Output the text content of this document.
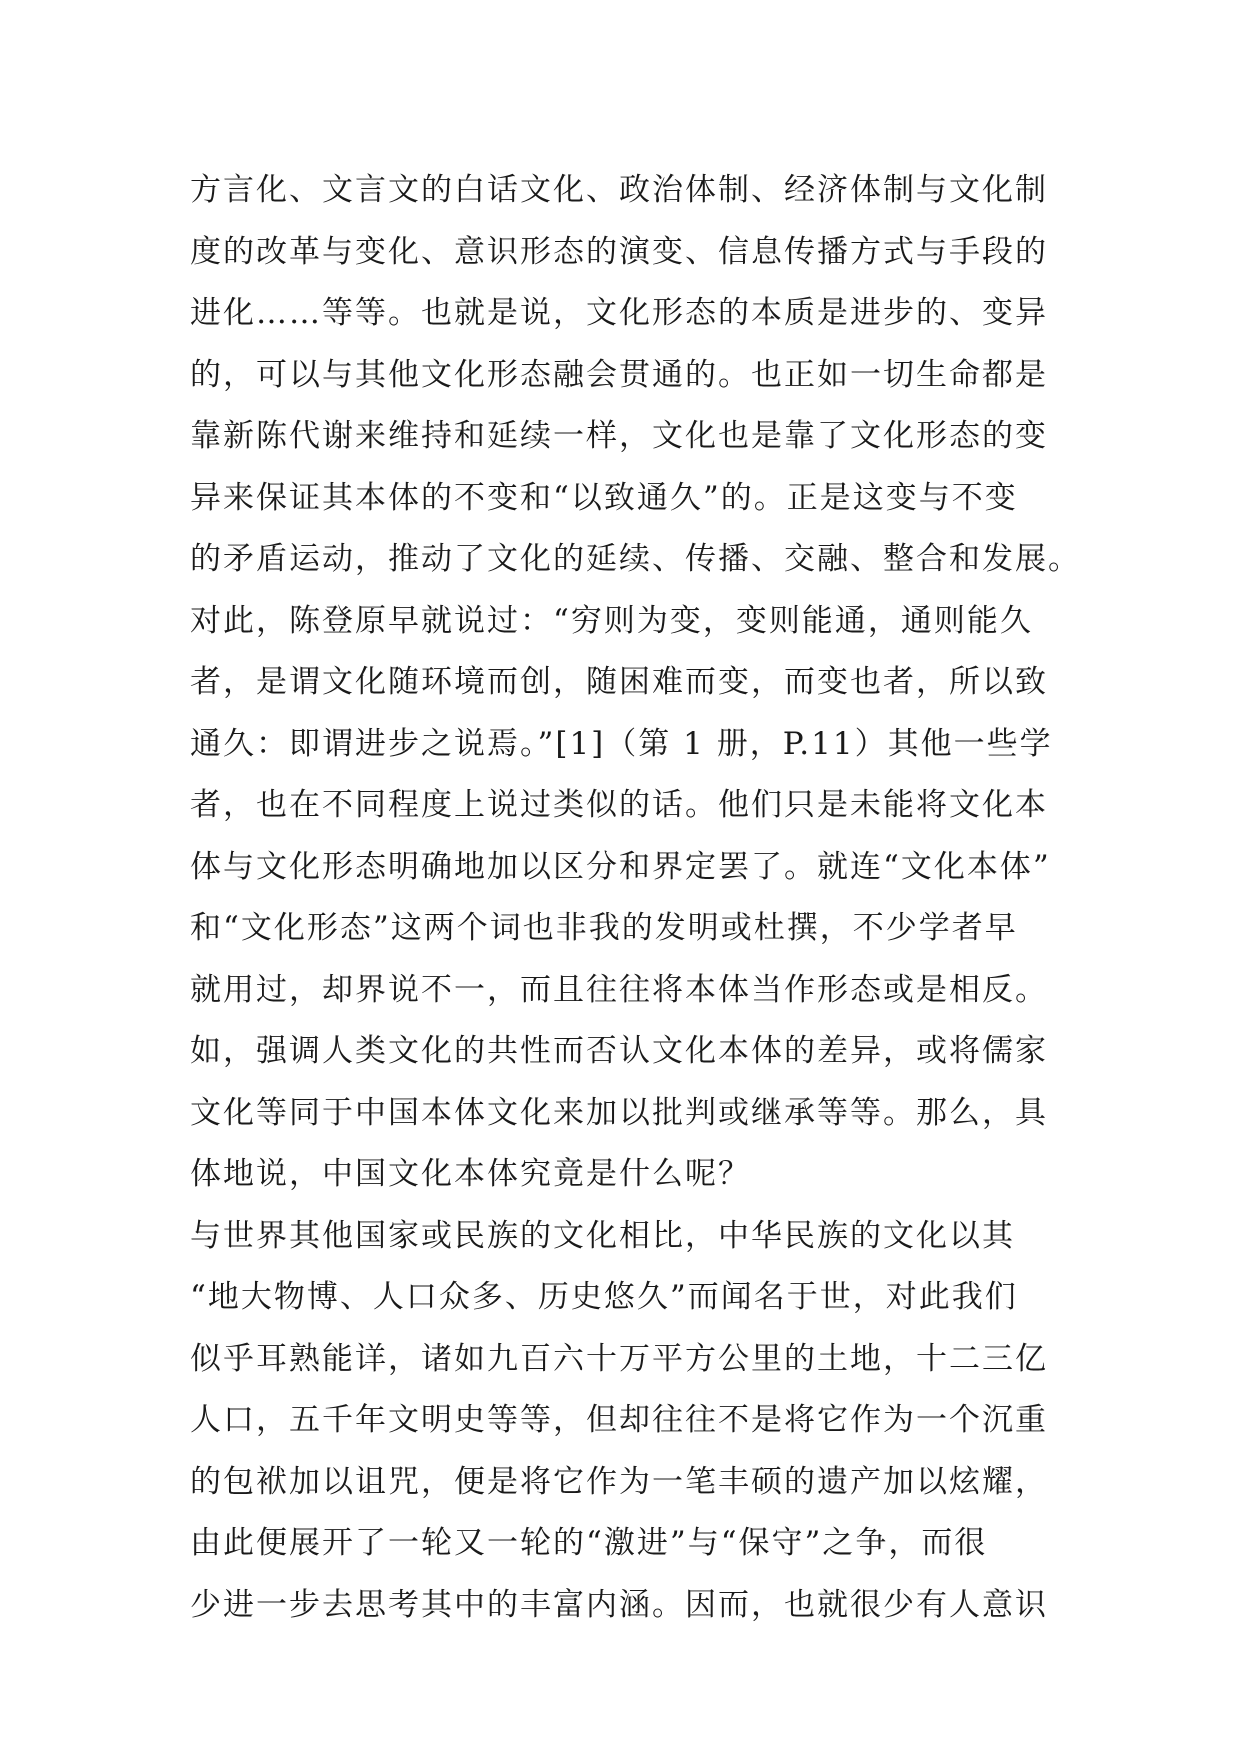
方言化、文言文的白话文化、政治体制、经济体制与文化制
度的改革与变化、意识形态的演变、信息传播方式与手段的
进化……等等。也就是说，文化形态的本质是进步的、变异
的，可以与其他文化形态融会贯通的。也正如一切生命都是
靠新陈代谢来维持和延续一样，文化也是靠了文化形态的变
异来保证其本体的不变和“以致通久”的。正是这变与不变
的矛盾运动，推动了文化的延续、传播、交融、整合和发展。
对此，陈登原早就说过：“穷则为变，变则能通，通则能久
者，是谓文化随环境而创，随困难而变，而变也者，所以致
通久：即谓进步之说焉。”[1]（第 1 册，P.11）其他一些学
者，也在不同程度上说过类似的话。他们只是未能将文化本
体与文化形态明确地加以区分和界定罢了。就连“文化本体”
和“文化形态”这两个词也非我的发明或杜撰，不少学者早
就用过，却界说不一，而且往往将本体当作形态或是相反。
如，强调人类文化的共性而否认文化本体的差异，或将儒家
文化等同于中国本体文化来加以批判或继承等等。那么，具
体地说，中国文化本体究竟是什么呢？
与世界其他国家或民族的文化相比，中华民族的文化以其
“地大物博、人口众多、历史悠久”而闻名于世，对此我们
似乎耳熟能详，诸如九百六十万平方公里的土地，十二三亿
人口，五千年文明史等等，但却往往不是将它作为一个沉重
的包袱加以诅咒，便是将它作为一笔丰硕的遗产加以炫耀，
由此便展开了一轮又一轮的“激进”与“保守”之争，而很
少进一步去思考其中的丰富内涵。因而，也就很少有人意识
